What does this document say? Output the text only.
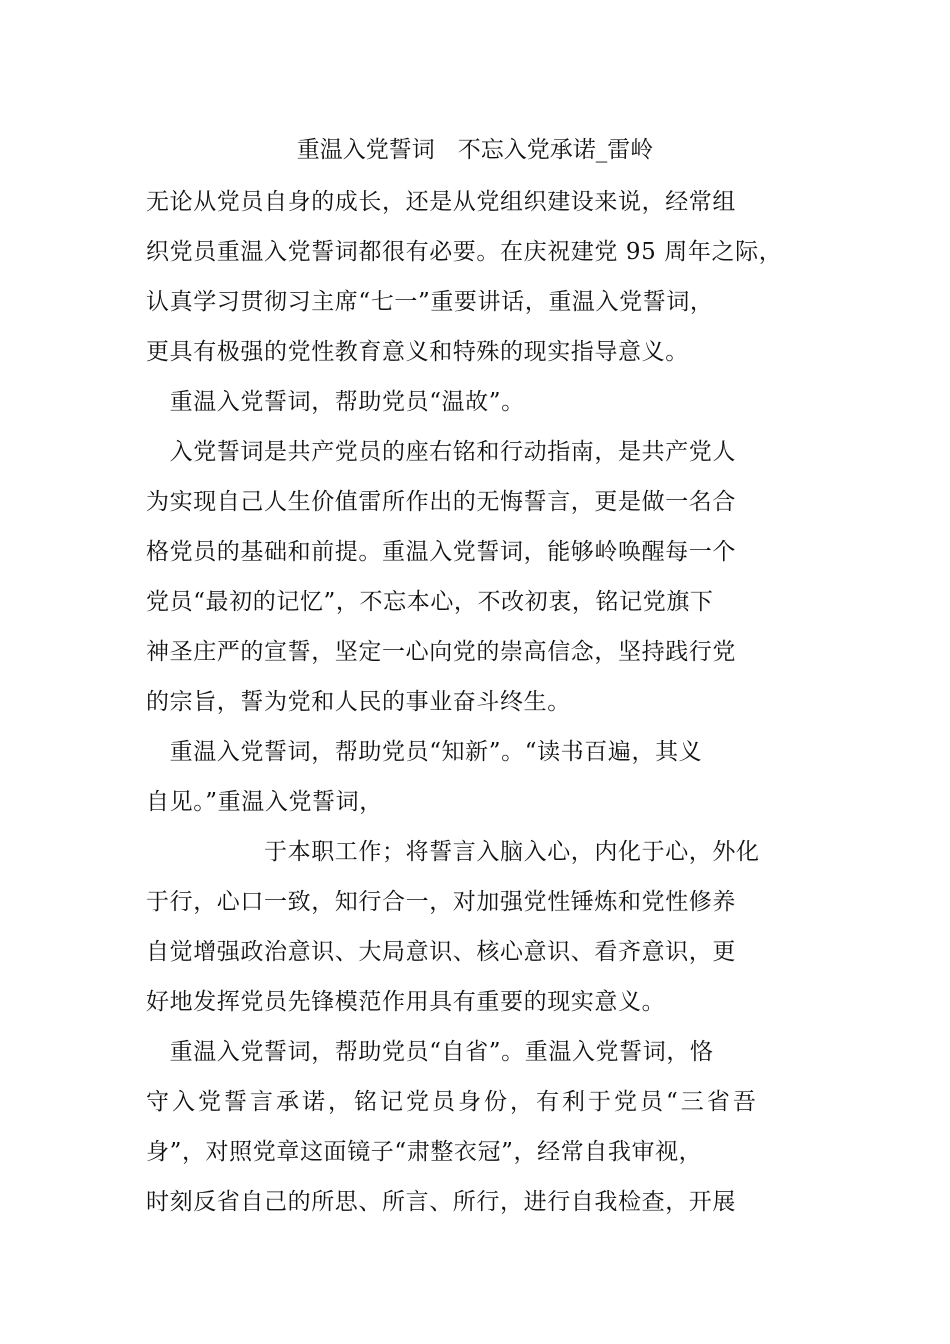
重温入党誓词　不忘入党承诺_雷岭
无论从党员自身的成长，还是从党组织建设来说，经常组
织党员重温入党誓词都很有必要。在庆祝建党 95 周年之际，
认真学习贯彻习主席“七一”重要讲话，重温入党誓词，
更具有极强的党性教育意义和特殊的现实指导意义。
　重温入党誓词，帮助党员“温故”。
　入党誓词是共产党员的座右铭和行动指南，是共产党人
为实现自己人生价值雷所作出的无悔誓言，更是做一名合
格党员的基础和前提。重温入党誓词，能够岭唤醒每一个
党员“最初的记忆”，不忘本心，不改初衷，铭记党旗下
神圣庄严的宣誓，坚定一心向党的崇高信念，坚持践行党
的宗旨，誓为党和人民的事业奋斗终生。
　重温入党誓词，帮助党员“知新”。“读书百遍，其义
自见。”重温入党誓词，
　　　　　于本职工作；将誓言入脑入心，内化于心，外化
于行，心口一致，知行合一，对加强党性锤炼和党性修养
自觉增强政治意识、大局意识、核心意识、看齐意识，更
好地发挥党员先锋模范作用具有重要的现实意义。
　重温入党誓词，帮助党员“自省”。重温入党誓词，恪
守入党誓言承诺，铭记党员身份，有利于党员“三省吾
身”，对照党章这面镜子“肃整衣冠”，经常自我审视，
时刻反省自己的所思、所言、所行，进行自我检查，开展
